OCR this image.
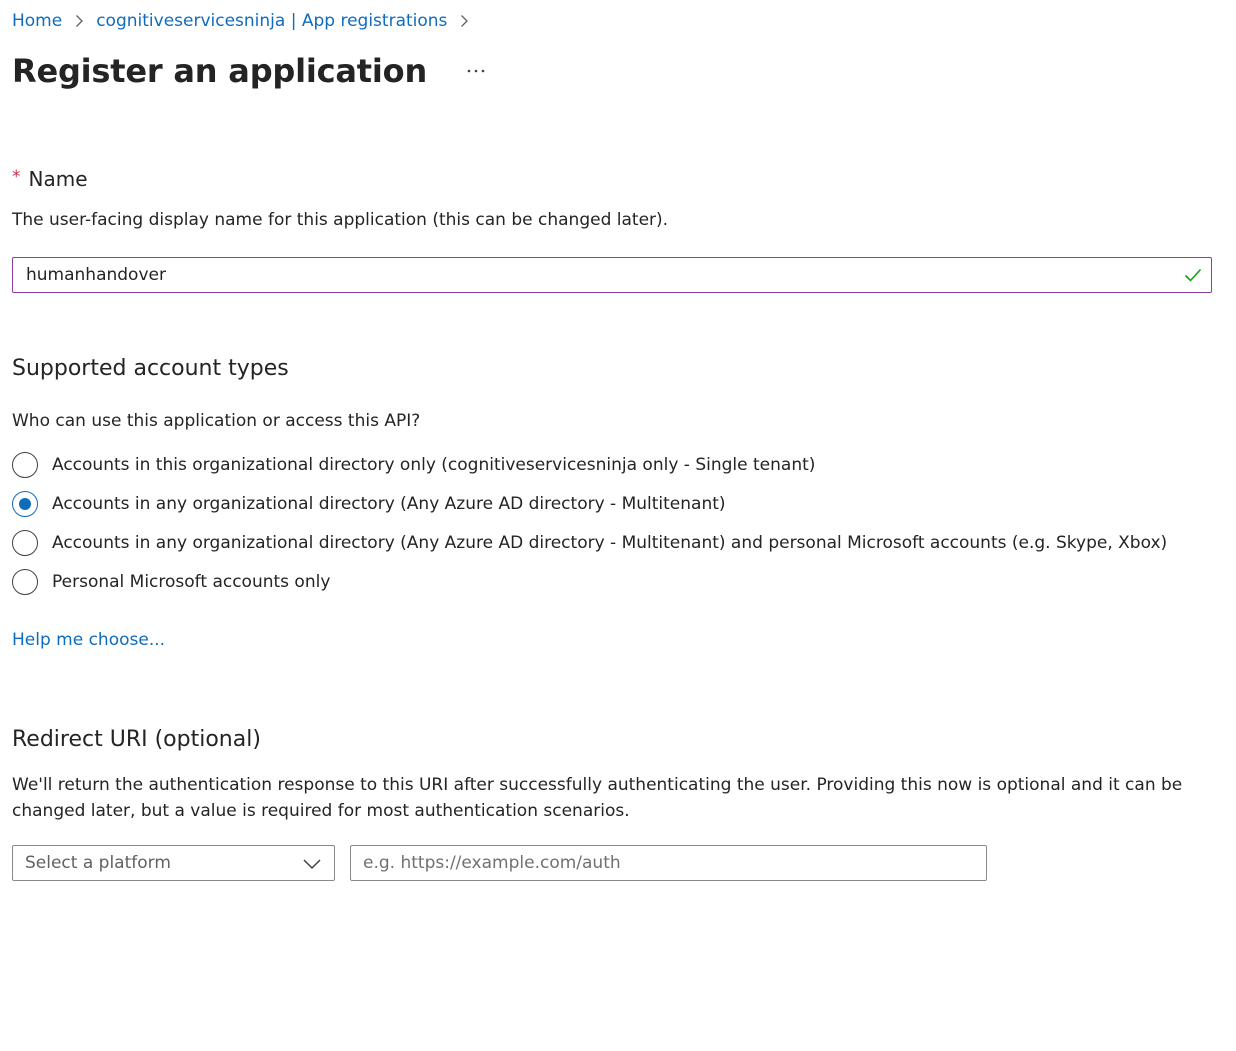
Home cognitiveservicesninja | App registrations
Register an application
* Name
The user-facing display name for this application (this can be changed later).
humanhandover
Supported account types
Who can use this application or access this API?
Accounts in this organizational directory only (cognitiveservicesninja only - Single tenant)
Accounts in any organizational directory (Any Azure AD directory - Multitenant)
Accounts in any organizational directory (Any Azure AD directory - Multitenant) and personal Microsoft accounts (e.g. Skype, Xbox)
Personal Microsoft accounts only
Help me choose...
Redirect URI (optional)
We'll return the authentication response to this URI after successfully authenticating the user. Providing this now is optional and it can be changed later, but a value is required for most authentication scenarios.
Select a platform
e.g. https://example.com/auth
